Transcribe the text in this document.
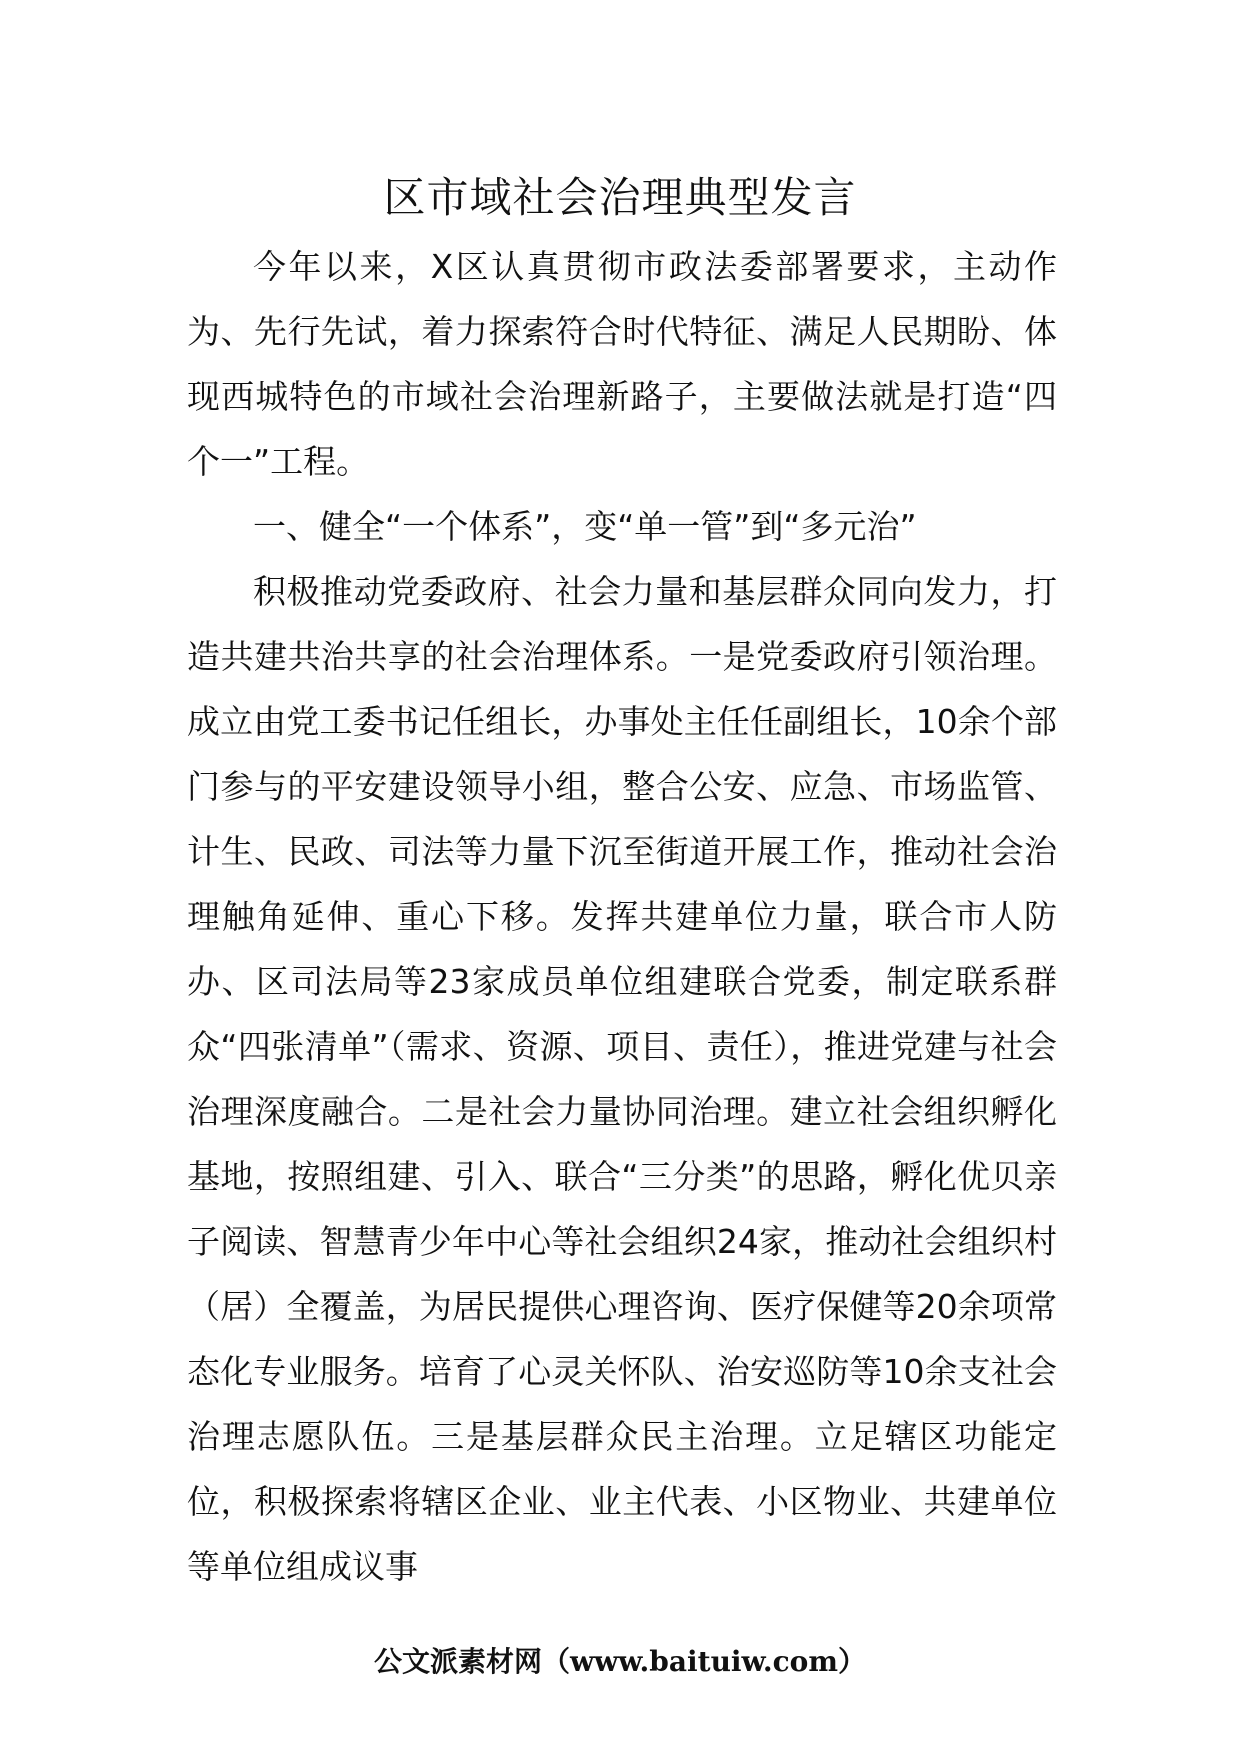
区市域社会治理典型发言

今年以来，X区认真贯彻市政法委部署要求，主动作为、先行先试，着力探索符合时代特征、满足人民期盼、体现西城特色的市域社会治理新路子，主要做法就是打造“四个一”工程。

一、健全“一个体系”，变“单一管”到“多元治”

积极推动党委政府、社会力量和基层群众同向发力，打造共建共治共享的社会治理体系。一是党委政府引领治理。成立由党工委书记任组长，办事处主任任副组长，10余个部门参与的平安建设领导小组，整合公安、应急、市场监管、计生、民政、司法等力量下沉至街道开展工作，推动社会治理触角延伸、重心下移。发挥共建单位力量，联合市人防办、区司法局等23家成员单位组建联合党委，制定联系群众“四张清单”（需求、资源、项目、责任），推进党建与社会治理深度融合。二是社会力量协同治理。建立社会组织孵化基地，按照组建、引入、联合“三分类”的思路，孵化优贝亲子阅读、智慧青少年中心等社会组织24家，推动社会组织村（居）全覆盖，为居民提供心理咨询、医疗保健等20余项常态化专业服务。培育了心灵关怀队、治安巡防等10余支社会治理志愿队伍。三是基层群众民主治理。立足辖区功能定位，积极探索将辖区企业、业主代表、小区物业、共建单位等单位组成议事

公文派素材网（www.baituiw.com）
